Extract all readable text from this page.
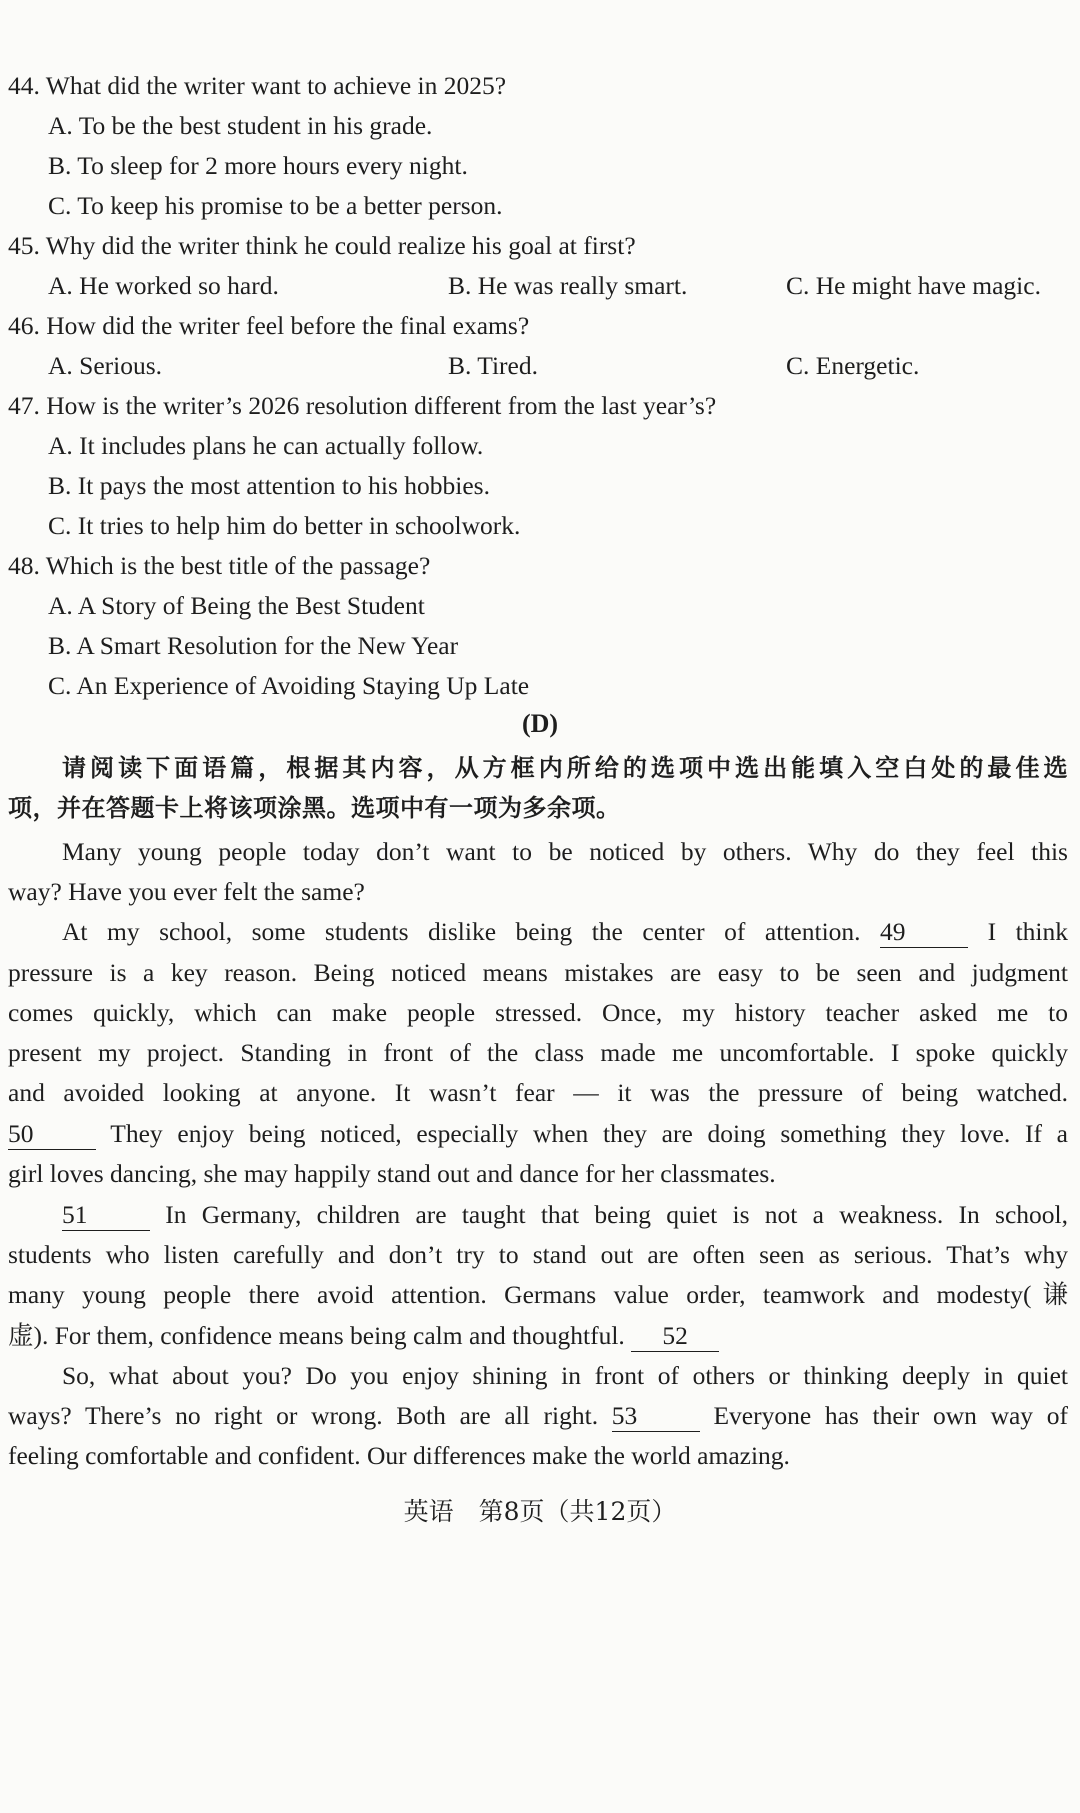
44. What did the writer want to achieve in 2025?
A. To be the best student in his grade.
B. To sleep for 2 more hours every night.
C. To keep his promise to be a better person.
45. Why did the writer think he could realize his goal at first?
A. He worked so hard.	B. He was really smart.	C. He might have magic.
46. How did the writer feel before the final exams?
A. Serious.	B. Tired.	C. Energetic.
47. How is the writer’s 2026 resolution different from the last year’s?
A. It includes plans he can actually follow.
B. It pays the most attention to his hobbies.
C. It tries to help him do better in schoolwork.
48. Which is the best title of the passage?
A. A Story of Being the Best Student
B. A Smart Resolution for the New Year
C. An Experience of Avoiding Staying Up Late
(D)
请阅读下面语篇，根据其内容，从方框内所给的选项中选出能填入空白处的最佳选
项，并在答题卡上将该项涂黑。选项中有一项为多余项。
Many young people today don’t want to be noticed by others. Why do they feel this
way? Have you ever felt the same?
At my school, some students dislike being the center of attention. 49	I think
pressure is a key reason. Being noticed means mistakes are easy to be seen and judgment
comes quickly, which can make people stressed. Once, my history teacher asked me to
present my project. Standing in front of the class made me uncomfortable. I spoke quickly
and avoided looking at anyone. It wasn’t fear — it was the pressure of being watched.
50	They enjoy being noticed, especially when they are doing something they love. If a
girl loves dancing, she may happily stand out and dance for her classmates.
51	In Germany, children are taught that being quiet is not a weakness. In school,
students who listen carefully and don’t try to stand out are often seen as serious. That’s why
many young people there avoid attention. Germans value order, teamwork and modesty(谦
虚). For them, confidence means being calm and thoughtful. 52
So, what about you? Do you enjoy shining in front of others or thinking deeply in quiet
ways? There’s no right or wrong. Both are all right. 53	Everyone has their own way of
feeling comfortable and confident. Our differences make the world amazing.
英语　第8页（共12页）
